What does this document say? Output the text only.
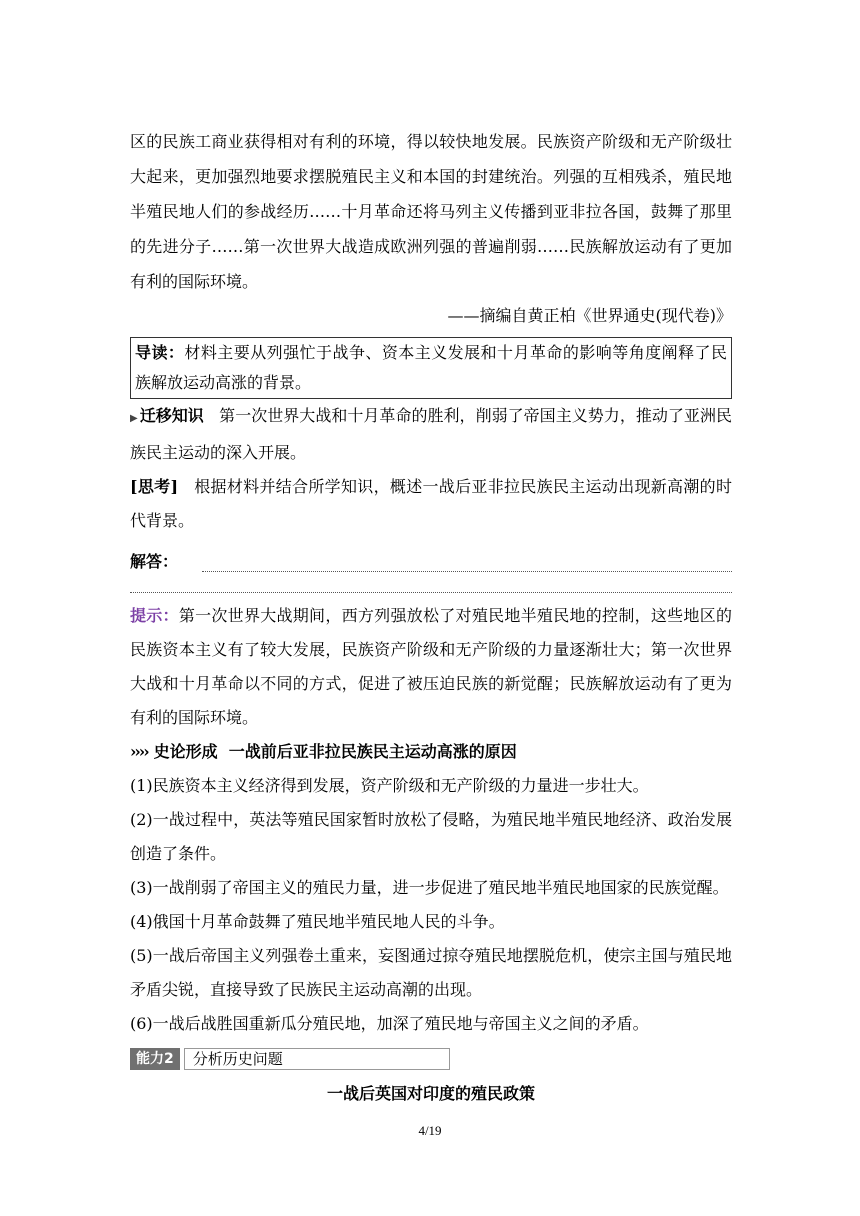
区的民族工商业获得相对有利的环境，得以较快地发展。民族资产阶级和无产阶级壮大起来，更加强烈地要求摆脱殖民主义和本国的封建统治。列强的互相残杀，殖民地半殖民地人们的参战经历……十月革命还将马列主义传播到亚非拉各国，鼓舞了那里的先进分子……第一次世界大战造成欧洲列强的普遍削弱……民族解放运动有了更加有利的国际环境。

——摘编自黄正柏《世界通史(现代卷)》

导读：材料主要从列强忙于战争、资本主义发展和十月革命的影响等角度阐释了民族解放运动高涨的背景。

▶ 迁移知识 第一次世界大战和十月革命的胜利，削弱了帝国主义势力，推动了亚洲民族民主运动的深入开展。

[思考] 根据材料并结合所学知识，概述一战后亚非拉民族民主运动出现新高潮的时代背景。

解答：

提示：第一次世界大战期间，西方列强放松了对殖民地半殖民地的控制，这些地区的民族资本主义有了较大发展，民族资产阶级和无产阶级的力量逐渐壮大；第一次世界大战和十月革命以不同的方式，促进了被压迫民族的新觉醒；民族解放运动有了更为有利的国际环境。

›››› 史论形成 一战前后亚非拉民族民主运动高涨的原因

(1)民族资本主义经济得到发展，资产阶级和无产阶级的力量进一步壮大。

(2)一战过程中，英法等殖民国家暂时放松了侵略，为殖民地半殖民地经济、政治发展创造了条件。

(3)一战削弱了帝国主义的殖民力量，进一步促进了殖民地半殖民地国家的民族觉醒。

(4)俄国十月革命鼓舞了殖民地半殖民地人民的斗争。

(5)一战后帝国主义列强卷土重来，妄图通过掠夺殖民地摆脱危机，使宗主国与殖民地矛盾尖锐，直接导致了民族民主运动高潮的出现。

(6)一战后战胜国重新瓜分殖民地，加深了殖民地与帝国主义之间的矛盾。

能力2	分析历史问题

一战后英国对印度的殖民政策

4/19
